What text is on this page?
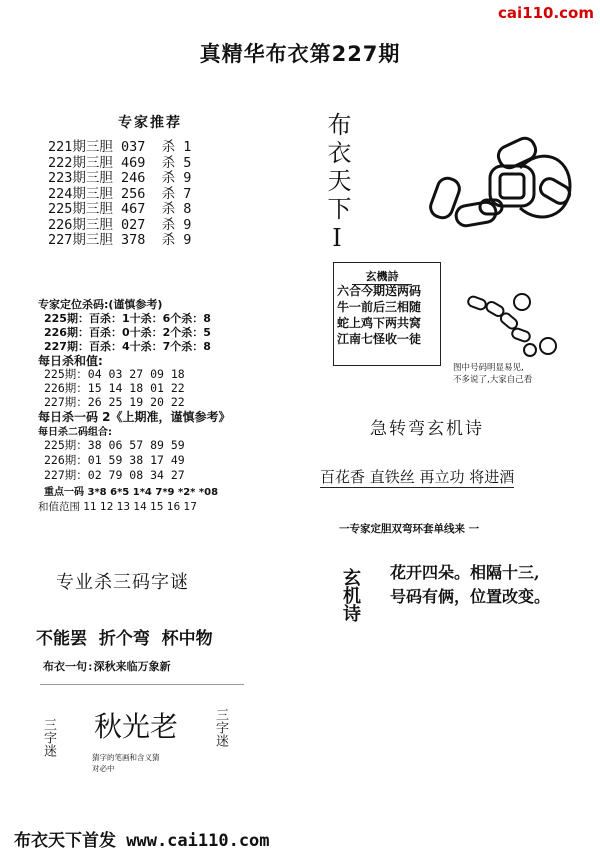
cai110.com
真精华布衣第227期
专家推荐
221期三胆 037  杀 1
222期三胆 469  杀 5
223期三胆 246  杀 9
224期三胆 256  杀 7
225期三胆 467  杀 8
226期三胆 027  杀 9
227期三胆 378  杀 9
专家定位杀码:(谨慎参考)
225期：百杀：1十杀：6个杀：8
226期：百杀：0十杀：2个杀：5
227期：百杀：4十杀：7个杀：8
每日杀和值:
225期：04 03 27 09 18
226期：15 14 18 01 22
227期：26 25 19 20 22
每日杀一码 2《上期准，谨慎参考》
每日杀二码组合:
225期：38 06 57 89 59
226期：01 59 38 17 49
227期：02 79 08 34 27
重点一码 3*8 6*5 1*4 7*9 *2* *08
和值范围 11 12 13 14 15 16 17
布衣天下I
玄機詩
六合今期送两码
牛一前后三相随
蛇上鸡下两共窝
江南七怪收一徒
图中号码明显易见,
不多说了,大家自己看
急转弯玄机诗
百花香 直铁丝 再立功 将进酒
一专家定胆双弯环套单线来 一
玄机诗 花开四朵。相隔十三,
号码有俩，位置改变。
专业杀三码字谜
不能罢  折个弯  杯中物
布衣一句:深秋来临万象新
三字迷 秋光老
猜字的笔画和含义猜
对必中
三字迷
布衣天下首发 www.cai110.com
